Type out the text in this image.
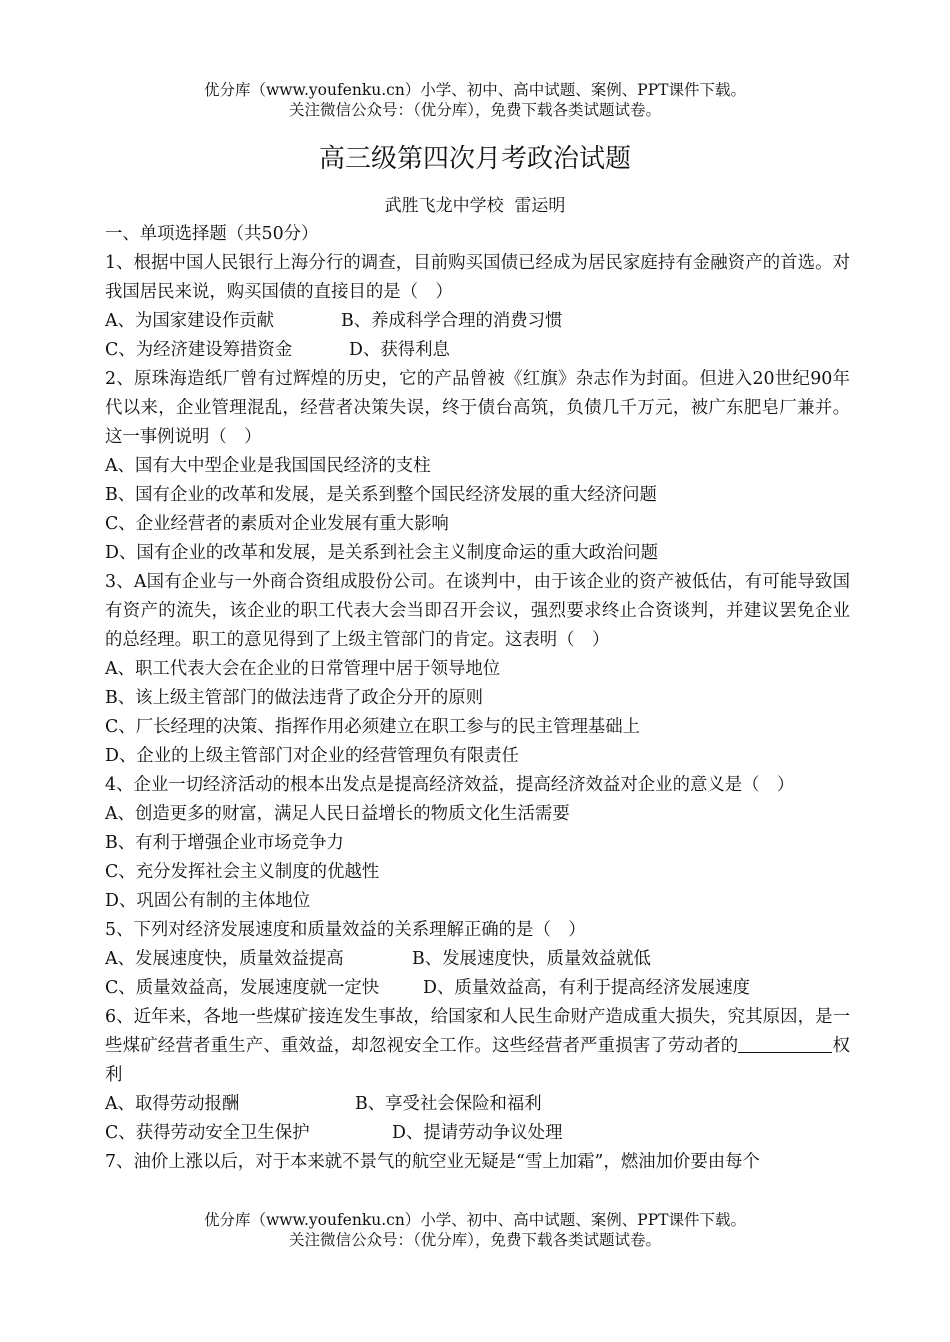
优分库（www.youfenku.cn）小学、初中、高中试题、案例、PPT课件下载。
关注微信公众号：（优分库），免费下载各类试题试卷。
高三级第四次月考政治试题
武胜飞龙中学校  雷运明

一、单项选择题（共50分）

1、根据中国人民银行上海分行的调查，目前购买国债已经成为居民家庭持有金融资产的首选。对我国居民来说，购买国债的直接目的是（　）

A、为国家建设作贡献	B、养成科学合理的消费习惯
C、为经济建设筹措资金	D、获得利息

2、原珠海造纸厂曾有过辉煌的历史，它的产品曾被《红旗》杂志作为封面。但进入20世纪90年代以来，企业管理混乱，经营者决策失误，终于债台高筑，负债几千万元，被广东肥皂厂兼并。这一事例说明（　）

A、国有大中型企业是我国国民经济的支柱
B、国有企业的改革和发展，是关系到整个国民经济发展的重大经济问题
C、企业经营者的素质对企业发展有重大影响
D、国有企业的改革和发展，是关系到社会主义制度命运的重大政治问题

3、A国有企业与一外商合资组成股份公司。在谈判中，由于该企业的资产被低估，有可能导致国有资产的流失，该企业的职工代表大会当即召开会议，强烈要求终止合资谈判，并建议罢免企业的总经理。职工的意见得到了上级主管部门的肯定。这表明（　）

A、职工代表大会在企业的日常管理中居于领导地位
B、该上级主管部门的做法违背了政企分开的原则
C、厂长经理的决策、指挥作用必须建立在职工参与的民主管理基础上
D、企业的上级主管部门对企业的经营管理负有限责任

4、企业一切经济活动的根本出发点是提高经济效益，提高经济效益对企业的意义是（　）

A、创造更多的财富，满足人民日益增长的物质文化生活需要
B、有利于增强企业市场竞争力
C、充分发挥社会主义制度的优越性
D、巩固公有制的主体地位

5、下列对经济发展速度和质量效益的关系理解正确的是（　）

A、发展速度快，质量效益提高	B、发展速度快，质量效益就低
C、质量效益高，发展速度就一定快	D、质量效益高，有利于提高经济发展速度

6、近年来，各地一些煤矿接连发生事故，给国家和人民生命财产造成重大损失，究其原因，是一些煤矿经营者重生产、重效益，却忽视安全工作。这些经营者严重损害了劳动者的	权利

A、取得劳动报酬	B、享受社会保险和福利
C、获得劳动安全卫生保护	D、提请劳动争议处理

7、油价上涨以后，对于本来就不景气的航空业无疑是“雪上加霜”，燃油加价要由每个

优分库（www.youfenku.cn）小学、初中、高中试题、案例、PPT课件下载。
关注微信公众号：（优分库），免费下载各类试题试卷。
